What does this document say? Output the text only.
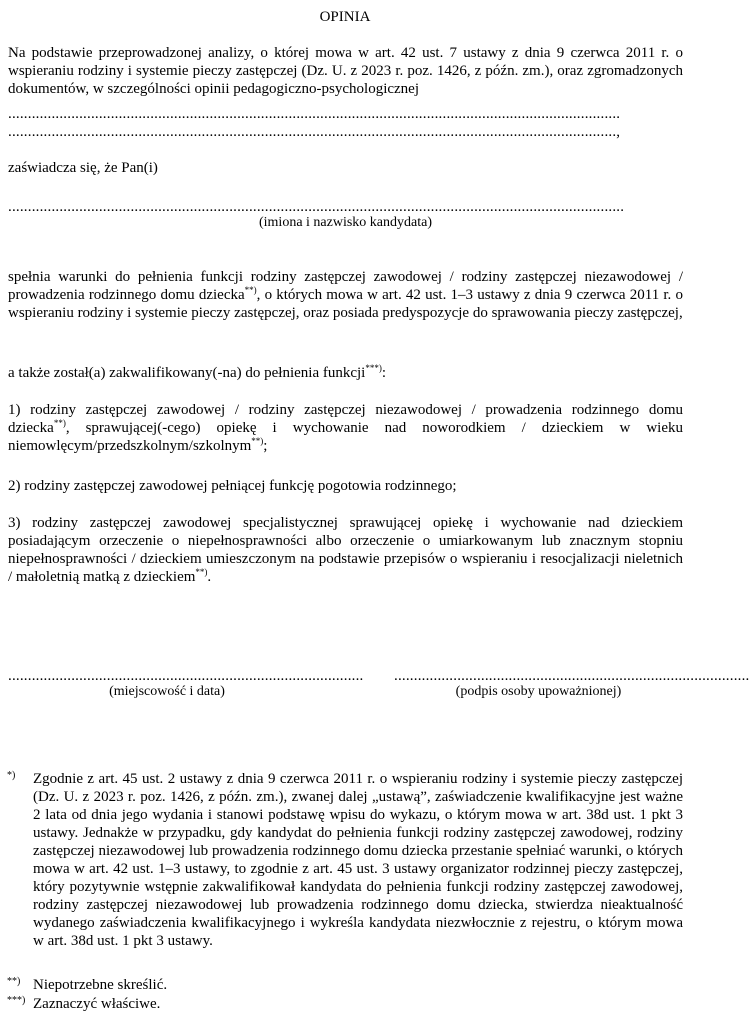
OPINIA

Na podstawie przeprowadzonej analizy, o której mowa w art. 42 ust. 7 ustawy z dnia 9 czerwca 2011 r. o wspieraniu rodziny i systemie pieczy zastępczej (Dz. U. z 2023 r. poz. 1426, z późn. zm.), oraz zgromadzonych dokumentów, w szczególności opinii pedagogiczno-psychologicznej

...........................................................................................................................................................
..........................................................................................................................................................,

zaświadcza się, że Pan(i)

............................................................................................................................................................
(imiona i nazwisko kandydata)

spełnia warunki do pełnienia funkcji rodziny zastępczej zawodowej / rodziny zastępczej niezawodowej / prowadzenia rodzinnego domu dziecka**), o których mowa w art. 42 ust. 1–3 ustawy z dnia 9 czerwca 2011 r. o wspieraniu rodziny i systemie pieczy zastępczej, oraz posiada predyspozycje do sprawowania pieczy zastępczej,

a także został(a) zakwalifikowany(-na) do pełnienia funkcji***):

1) rodziny zastępczej zawodowej / rodziny zastępczej niezawodowej / prowadzenia rodzinnego domu dziecka**), sprawującej(-cego) opiekę i wychowanie nad noworodkiem / dzieckiem w wieku niemowlęcym/przedszkolnym/szkolnym**);

2) rodziny zastępczej zawodowej pełniącej funkcję pogotowia rodzinnego;

3) rodziny zastępczej zawodowej specjalistycznej sprawującej opiekę i wychowanie nad dzieckiem posiadającym orzeczenie o niepełnosprawności albo orzeczenie o umiarkowanym lub znacznym stopniu niepełnosprawności / dzieckiem umieszczonym na podstawie przepisów o wspieraniu i resocjalizacji nieletnich / małoletnią matką z dzieckiem**).

.......................................................................................... ..........................................................................................
(miejscowość i data)	(podpis osoby upoważnionej)
*) Zgodnie z art. 45 ust. 2 ustawy z dnia 9 czerwca 2011 r. o wspieraniu rodziny i systemie pieczy zastępczej (Dz. U. z 2023 r. poz. 1426, z późn. zm.), zwanej dalej „ustawą”, zaświadczenie kwalifikacyjne jest ważne 2 lata od dnia jego wydania i stanowi podstawę wpisu do wykazu, o którym mowa w art. 38d ust. 1 pkt 3 ustawy. Jednakże w przypadku, gdy kandydat do pełnienia funkcji rodziny zastępczej zawodowej, rodziny zastępczej niezawodowej lub prowadzenia rodzinnego domu dziecka przestanie spełniać warunki, o których mowa w art. 42 ust. 1–3 ustawy, to zgodnie z art. 45 ust. 3 ustawy organizator rodzinnej pieczy zastępczej, który pozytywnie wstępnie zakwalifikował kandydata do pełnienia funkcji rodziny zastępczej zawodowej, rodziny zastępczej niezawodowej lub prowadzenia rodzinnego domu dziecka, stwierdza nieaktualność wydanego zaświadczenia kwalifikacyjnego i wykreśla kandydata niezwłocznie z rejestru, o którym mowa w art. 38d ust. 1 pkt 3 ustawy.

**) Niepotrzebne skreślić.

***) Zaznaczyć właściwe.
